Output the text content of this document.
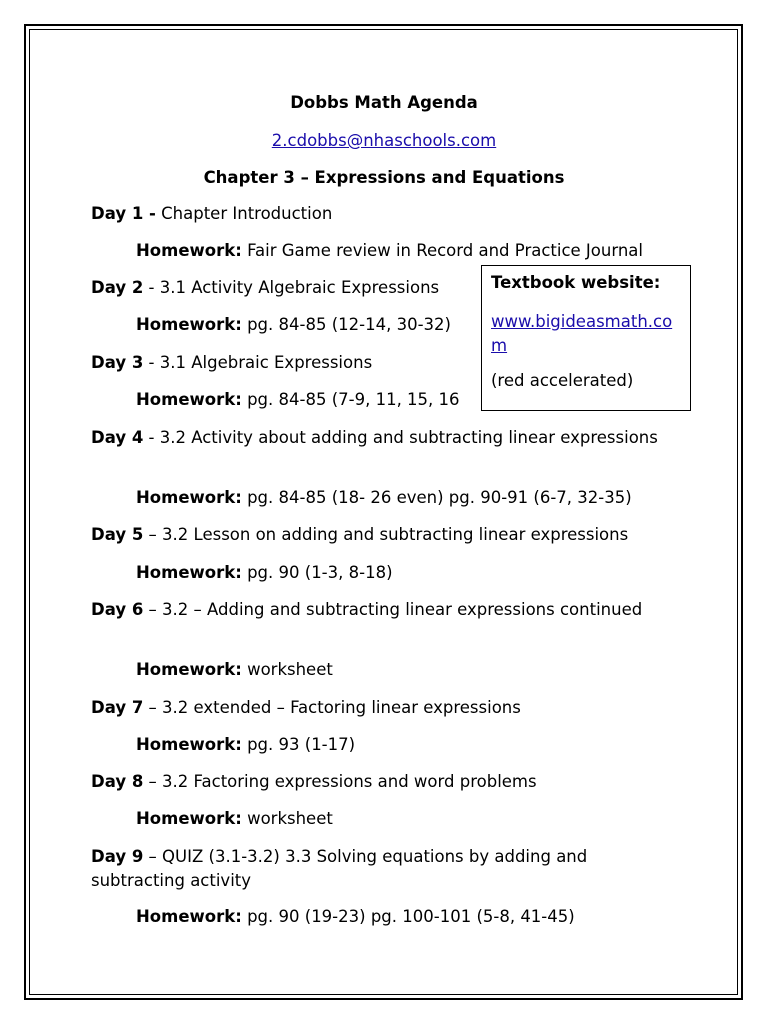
Dobbs Math Agenda
2.cdobbs@nhaschools.com
Chapter 3 – Expressions and Equations
Day 1 - Chapter Introduction
Homework: Fair Game review in Record and Practice Journal
Day 2 - 3.1 Activity Algebraic Expressions
Homework: pg. 84-85 (12-14, 30-32)
Day 3 - 3.1 Algebraic Expressions
Homework: pg. 84-85 (7-9, 11, 15, 16
Day 4 - 3.2 Activity about adding and subtracting linear expressions
Homework: pg. 84-85 (18- 26 even) pg. 90-91 (6-7, 32-35)
Day 5 – 3.2 Lesson on adding and subtracting linear expressions
Homework: pg. 90 (1-3, 8-18)
Day 6 – 3.2 – Adding and subtracting linear expressions continued
Homework: worksheet
Day 7 – 3.2 extended – Factoring linear expressions
Homework: pg. 93 (1-17)
Day 8 – 3.2 Factoring expressions and word problems
Homework: worksheet
Day 9 – QUIZ (3.1-3.2) 3.3 Solving equations by adding and subtracting activity
Homework: pg. 90 (19-23) pg. 100-101 (5-8, 41-45)
Textbook website:
www.bigideasmath.com
(red accelerated)
